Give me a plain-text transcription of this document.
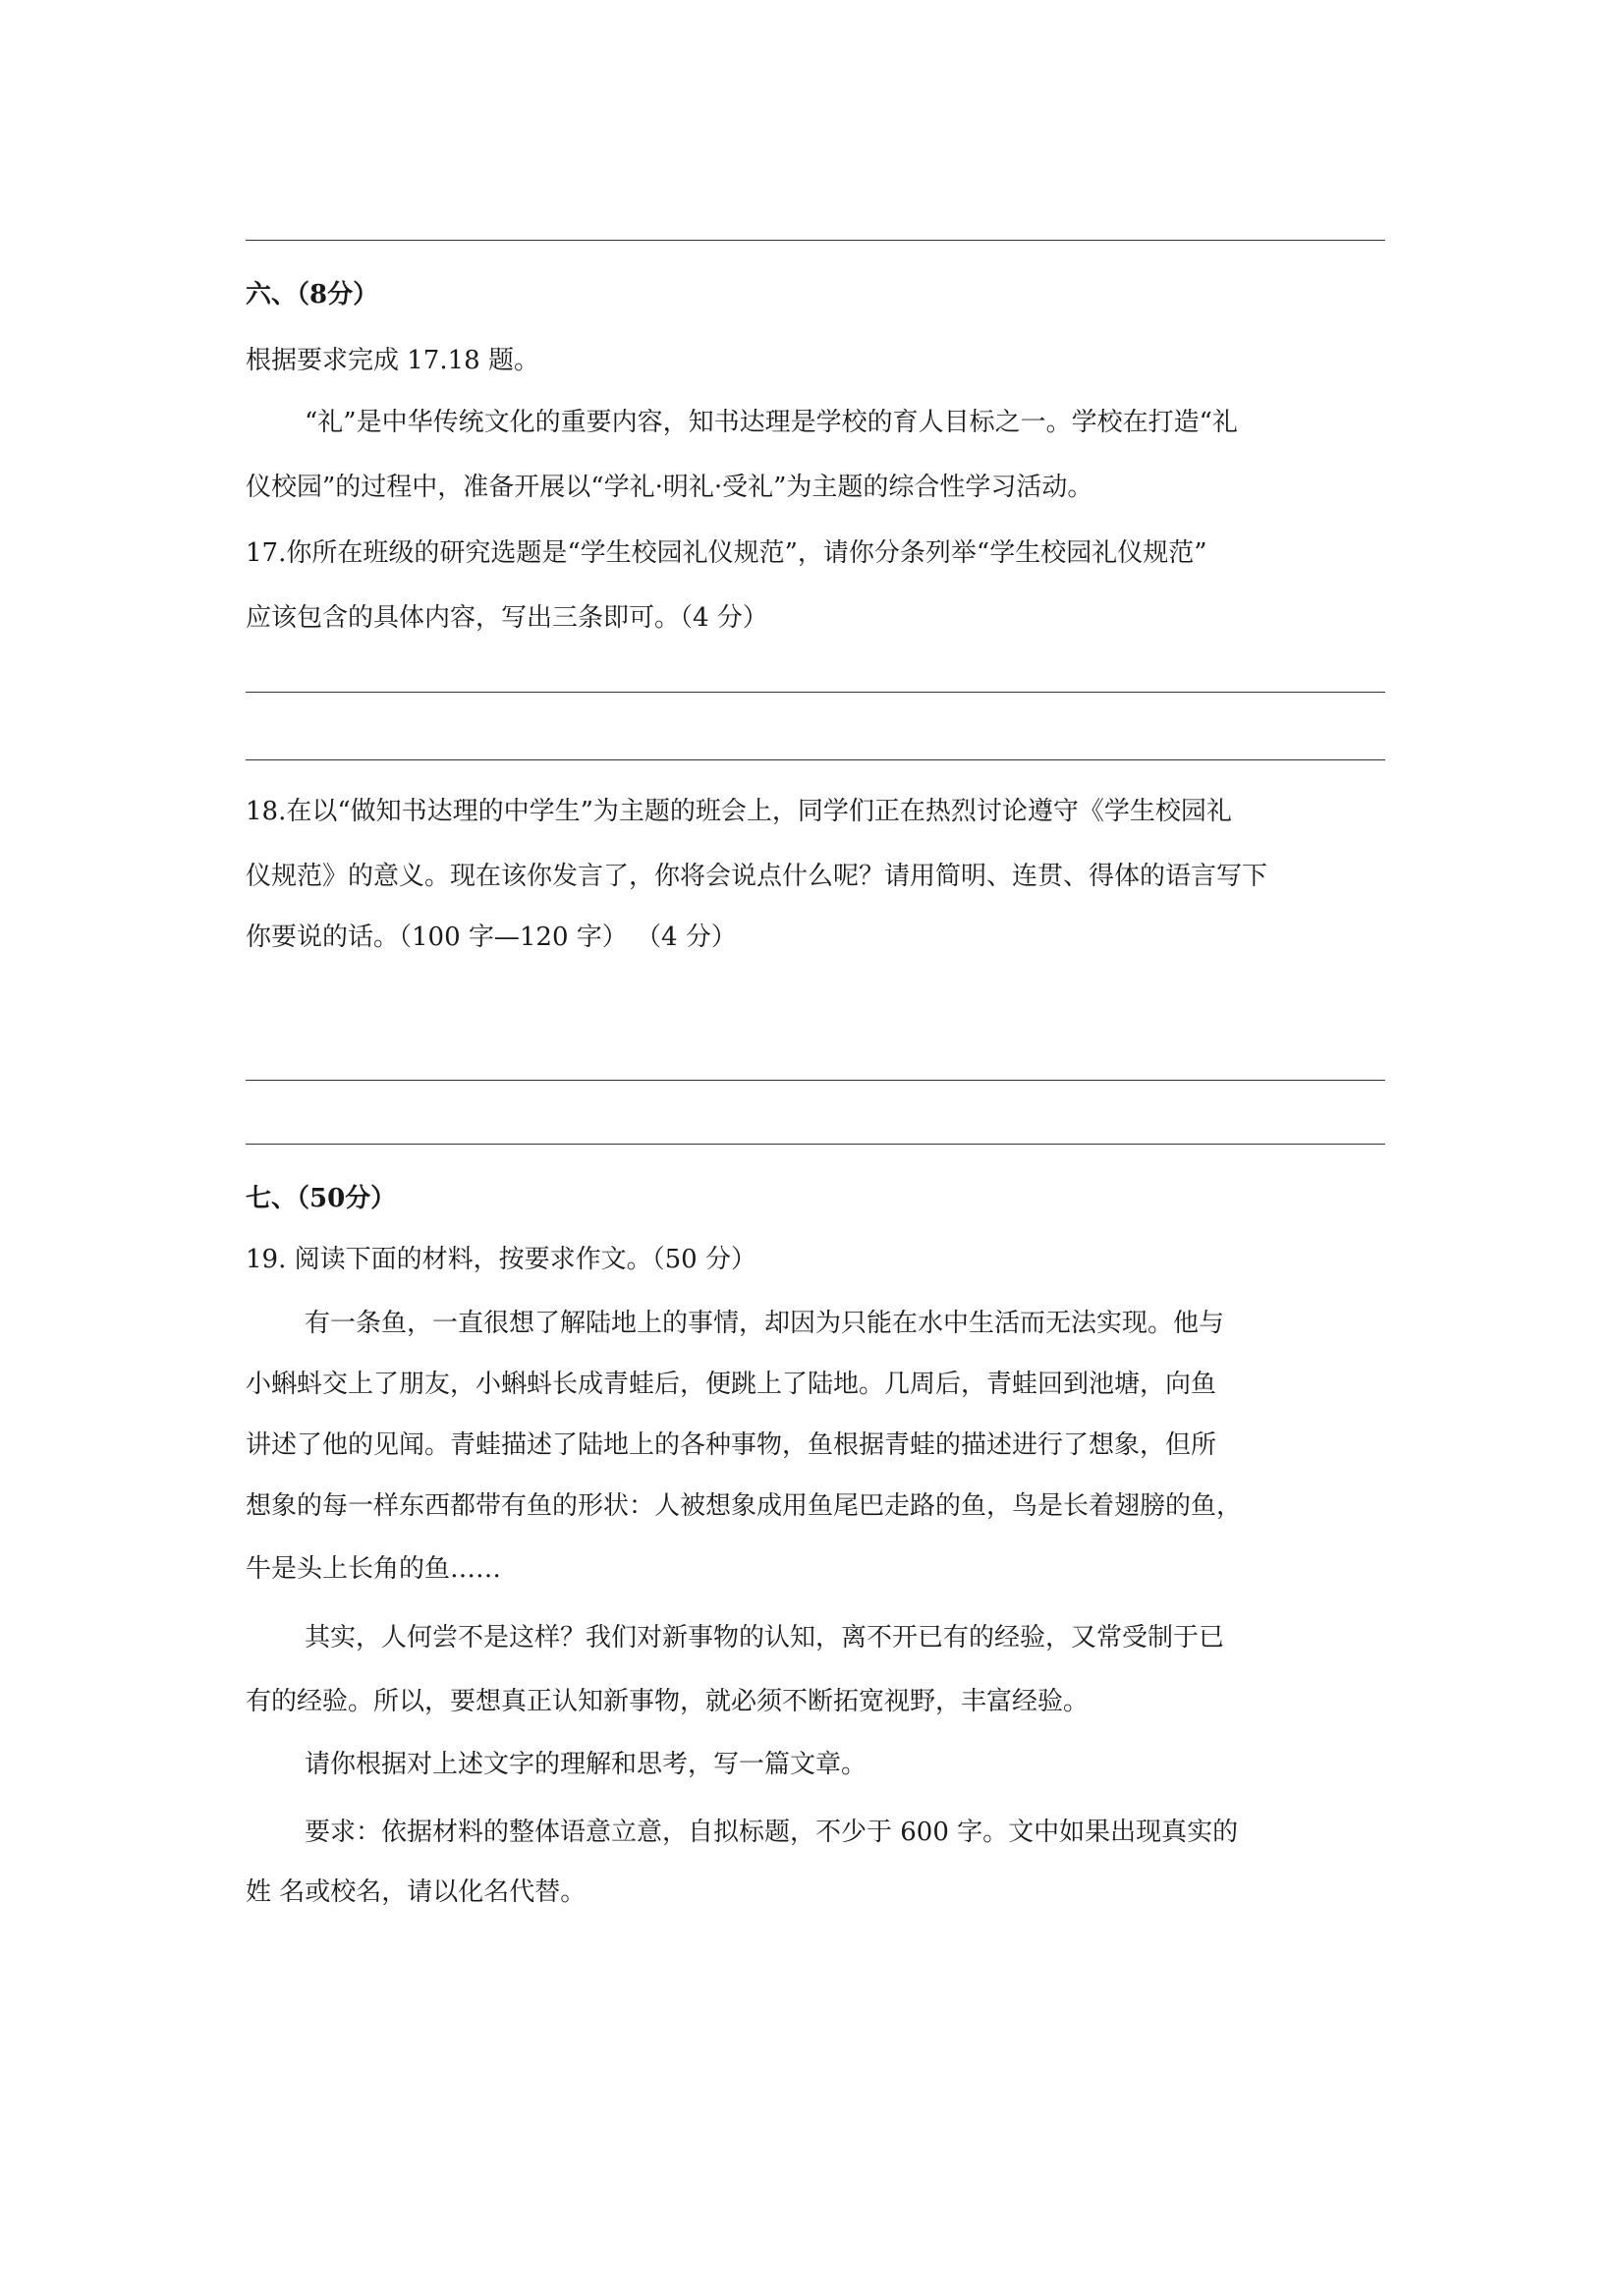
六、（8分）
根据要求完成 17.18 题。
“礼”是中华传统文化的重要内容，知书达理是学校的育人目标之一。学校在打造“礼
仪校园”的过程中，准备开展以“学礼·明礼·受礼”为主题的综合性学习活动。
17.你所在班级的研究选题是“学生校园礼仪规范”，请你分条列举“学生校园礼仪规范”
应该包含的具体内容，写出三条即可。（4 分）
18.在以“做知书达理的中学生”为主题的班会上，同学们正在热烈讨论遵守《学生校园礼
仪规范》的意义。现在该你发言了，你将会说点什么呢？请用简明、连贯、得体的语言写下
你要说的话。（100 字—120 字） （4 分）
七、（50分）
19. 阅读下面的材料，按要求作文。（50 分）
有一条鱼，一直很想了解陆地上的事情，却因为只能在水中生活而无法实现。他与
小蝌蚪交上了朋友，小蝌蚪长成青蛙后，便跳上了陆地。几周后，青蛙回到池塘，向鱼
讲述了他的见闻。青蛙描述了陆地上的各种事物，鱼根据青蛙的描述进行了想象，但所
想象的每一样东西都带有鱼的形状：人被想象成用鱼尾巴走路的鱼，鸟是长着翅膀的鱼，
牛是头上长角的鱼……
其实，人何尝不是这样？我们对新事物的认知，离不开已有的经验，又常受制于已
有的经验。所以，要想真正认知新事物，就必须不断拓宽视野，丰富经验。
请你根据对上述文字的理解和思考，写一篇文章。
要求：依据材料的整体语意立意，自拟标题，不少于 600 字。文中如果出现真实的
姓 名或校名，请以化名代替。
